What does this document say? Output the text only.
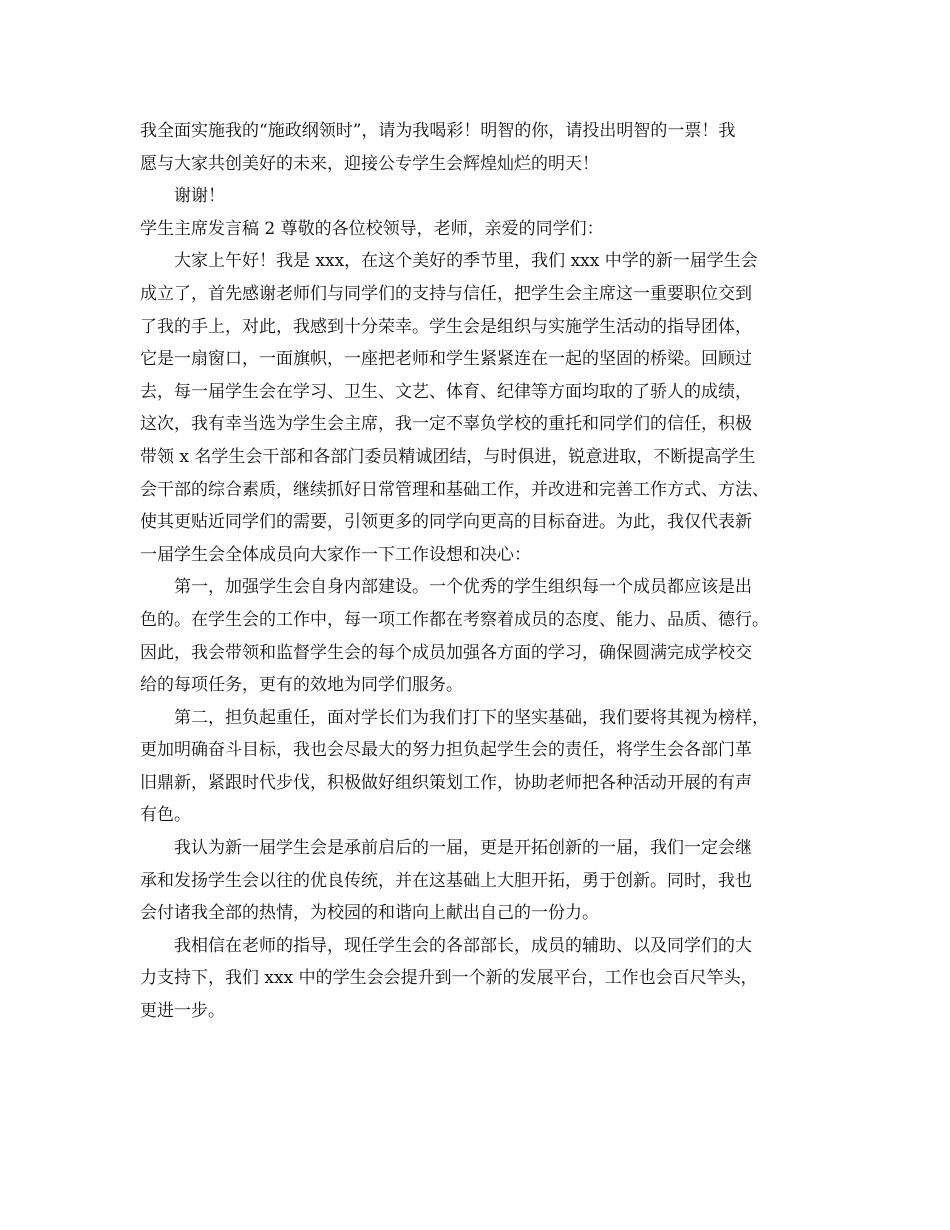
我全面实施我的“施政纲领时”，请为我喝彩！明智的你，请投出明智的一票！我
愿与大家共创美好的未来，迎接公专学生会辉煌灿烂的明天！
谢谢！
学生主席发言稿 2 尊敬的各位校领导，老师，亲爱的同学们：
大家上午好！我是 xxx，在这个美好的季节里，我们 xxx 中学的新一届学生会
成立了，首先感谢老师们与同学们的支持与信任，把学生会主席这一重要职位交到
了我的手上，对此，我感到十分荣幸。学生会是组织与实施学生活动的指导团体，
它是一扇窗口，一面旗帜，一座把老师和学生紧紧连在一起的坚固的桥梁。回顾过
去，每一届学生会在学习、卫生、文艺、体育、纪律等方面均取的了骄人的成绩，
这次，我有幸当选为学生会主席，我一定不辜负学校的重托和同学们的信任，积极
带领 x 名学生会干部和各部门委员精诚团结，与时俱进，锐意进取，不断提高学生
会干部的综合素质，继续抓好日常管理和基础工作，并改进和完善工作方式、方法、
使其更贴近同学们的需要，引领更多的同学向更高的目标奋进。为此，我仅代表新
一届学生会全体成员向大家作一下工作设想和决心：
第一，加强学生会自身内部建设。一个优秀的学生组织每一个成员都应该是出
色的。在学生会的工作中，每一项工作都在考察着成员的态度、能力、品质、德行。
因此，我会带领和监督学生会的每个成员加强各方面的学习，确保圆满完成学校交
给的每项任务，更有的效地为同学们服务。
第二，担负起重任，面对学长们为我们打下的坚实基础，我们要将其视为榜样，
更加明确奋斗目标，我也会尽最大的努力担负起学生会的责任，将学生会各部门革
旧鼎新，紧跟时代步伐，积极做好组织策划工作，协助老师把各种活动开展的有声
有色。
我认为新一届学生会是承前启后的一届，更是开拓创新的一届，我们一定会继
承和发扬学生会以往的优良传统，并在这基础上大胆开拓，勇于创新。同时，我也
会付诸我全部的热情，为校园的和谐向上献出自己的一份力。
我相信在老师的指导，现任学生会的各部部长，成员的辅助、以及同学们的大
力支持下，我们 xxx 中的学生会会提升到一个新的发展平台，工作也会百尺竿头，
更进一步。
